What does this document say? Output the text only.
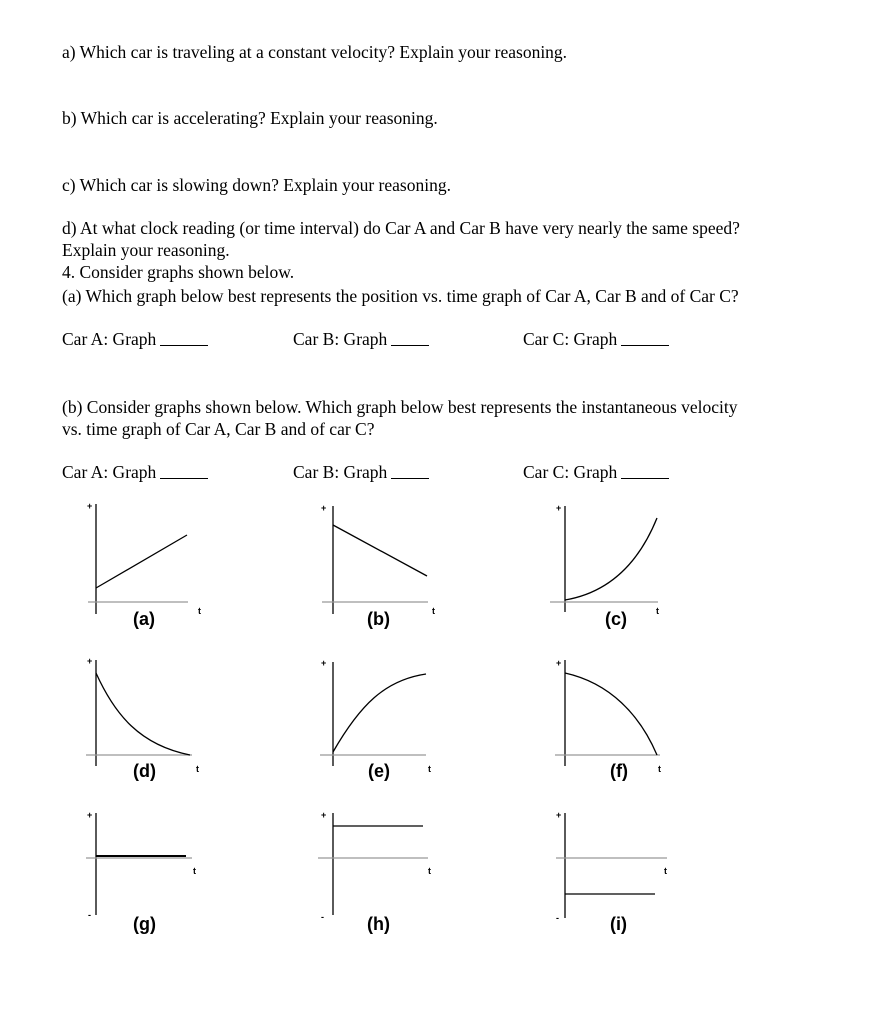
a) Which car is traveling at a constant velocity? Explain your reasoning.
b) Which car is accelerating? Explain your reasoning.
c) Which car is slowing down? Explain your reasoning.
d) At what clock reading (or time interval) do Car A and Car B have very nearly the same speed?
Explain your reasoning.
4. Consider graphs shown below.
(a) Which graph below best represents the position vs. time graph of Car A, Car B and of Car C?
Car A: Graph	Car B: Graph	Car C: Graph
(b) Consider graphs shown below. Which graph below best represents the instantaneous velocity
vs. time graph of Car A, Car B and of car C?
Car A: Graph	Car B: Graph	Car C: Graph
+
t
+
t
+
t
+
t
+
t
+
t
+
t
-
+
t
-
+
t
-
(a)	(b)	(c)
(d)	(e)	(f)
(g)	(h)	(i)
